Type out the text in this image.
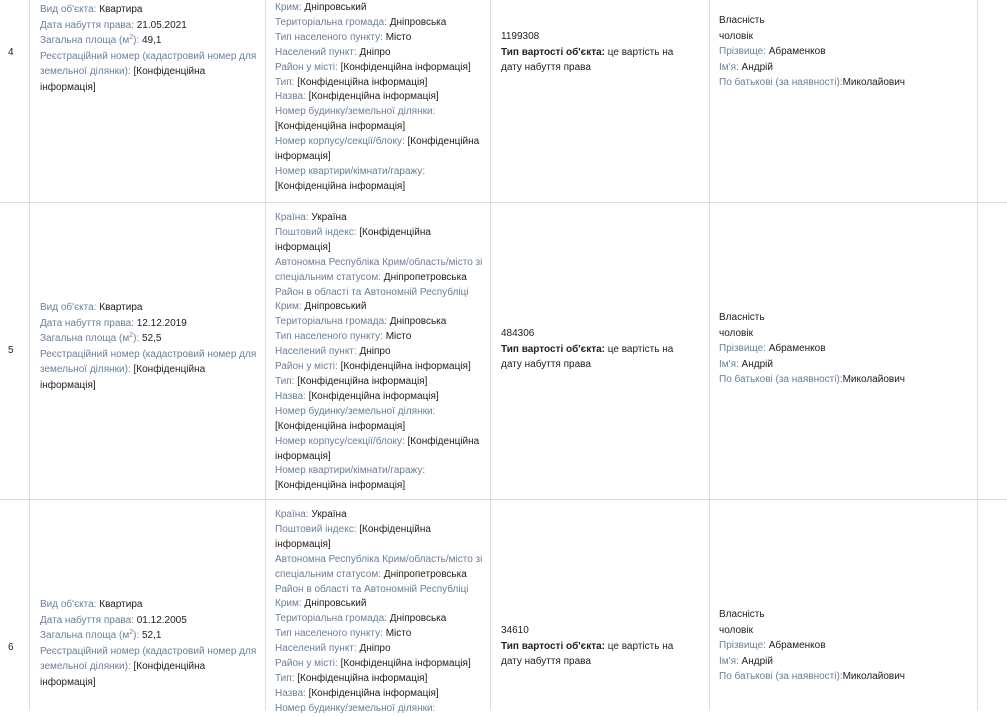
4
Вид об'єкта: Квартира
Дата набуття права: 21.05.2021
Загальна площа $(м^2)$: 49,1
Реєстраційний номер (кадастровий номер для земельної ділянки): [Конфіденційна інформація]
Крим: Дніпровський
Територіальна громада: Дніпровська
Тип населеного пункту: Місто
Населений пункт: Дніпро
Район у місті: [Конфіденційна інформація]
Тип: [Конфіденційна інформація]
Назва: [Конфіденційна інформація]
Номер будинку/земельної ділянки:
[Конфіденційна інформація]
Номер корпусу/секції/блоку: [Конфіденційна інформація]
Номер квартири/кімнати/гаражу:
[Конфіденційна інформація]
1199308
Тип вартості об'єкта: це вартість на дату набуття права
Власність
чоловік
Прізвище: Абраменков
Ім'я: Андрій
По батькові (за наявності):Миколайович
5
Вид об'єкта: Квартира
Дата набуття права: 12.12.2019
Загальна площа $(м^2)$: 52,5
Реєстраційний номер (кадастровий номер для земельної ділянки): [Конфіденційна інформація]
Країна: Україна
Поштовий індекс: [Конфіденційна інформація]
Автономна Республіка Крим/область/місто зі спеціальним статусом: Дніпропетровська
Район в області та Автономній Республіці Крим: Дніпровський
Територіальна громада: Дніпровська
Тип населеного пункту: Місто
Населений пункт: Дніпро
Район у місті: [Конфіденційна інформація]
Тип: [Конфіденційна інформація]
Назва: [Конфіденційна інформація]
Номер будинку/земельної ділянки:
[Конфіденційна інформація]
Номер корпусу/секції/блоку: [Конфіденційна інформація]
Номер квартири/кімнати/гаражу:
[Конфіденційна інформація]
484306
Тип вартості об'єкта: це вартість на дату набуття права
Власність
чоловік
Прізвище: Абраменков
Ім'я: Андрій
По батькові (за наявності):Миколайович
6
Вид об'єкта: Квартира
Дата набуття права: 01.12.2005
Загальна площа $(м^2)$: 52,1
Реєстраційний номер (кадастровий номер для земельної ділянки): [Конфіденційна інформація]
Країна: Україна
Поштовий індекс: [Конфіденційна інформація]
Автономна Республіка Крим/область/місто зі спеціальним статусом: Дніпропетровська
Район в області та Автономній Республіці Крим: Дніпровський
Територіальна громада: Дніпровська
Тип населеного пункту: Місто
Населений пункт: Дніпро
Район у місті: [Конфіденційна інформація]
Тип: [Конфіденційна інформація]
Назва: [Конфіденційна інформація]
Номер будинку/земельної ділянки:
34610
Тип вартості об'єкта: це вартість на дату набуття права
Власність
чоловік
Прізвище: Абраменков
Ім'я: Андрій
По батькові (за наявності):Миколайович
